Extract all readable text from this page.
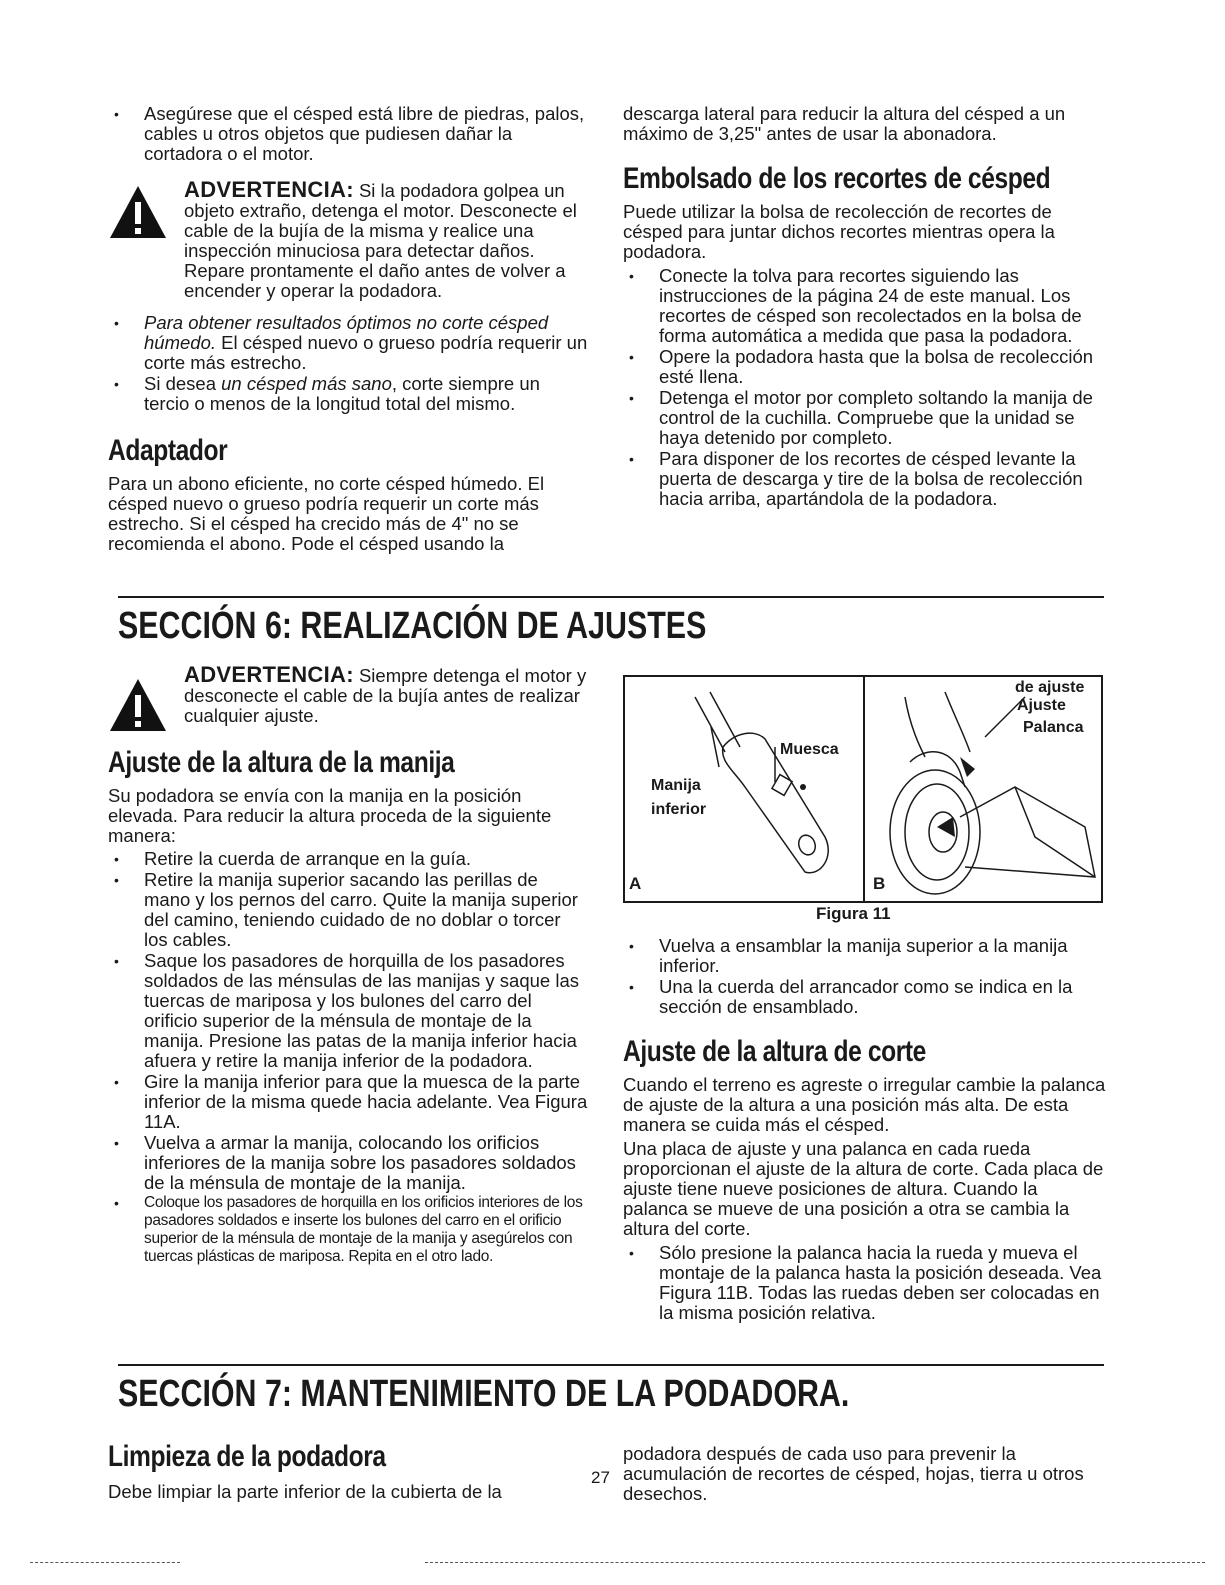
• Asegúrese que el césped está libre de piedras, palos, cables u otros objetos que pudiesen dañar la cortadora o el motor.

ADVERTENCIA: Si la podadora golpea un objeto extraño, detenga el motor. Desconecte el cable de la bujía de la misma y realice una inspección minuciosa para detectar daños. Repare prontamente el daño antes de volver a encender y operar la podadora.

• Para obtener resultados óptimos no corte césped húmedo. El césped nuevo o grueso podría requerir un corte más estrecho.
• Si desea un césped más sano, corte siempre un tercio o menos de la longitud total del mismo.
Adaptador

Para un abono eficiente, no corte césped húmedo. El césped nuevo o grueso podría requerir un corte más estrecho. Si el césped ha crecido más de 4" no se recomienda el abono. Pode el césped usando la

descarga lateral para reducir la altura del césped a un máximo de 3,25" antes de usar la abonadora.

Embolsado de los recortes de césped

Puede utilizar la bolsa de recolección de recortes de césped para juntar dichos recortes mientras opera la podadora.

• Conecte la tolva para recortes siguiendo las instrucciones de la página 24 de este manual. Los recortes de césped son recolectados en la bolsa de forma automática a medida que pasa la podadora.
• Opere la podadora hasta que la bolsa de recolección esté llena.
• Detenga el motor por completo soltando la manija de control de la cuchilla. Compruebe que la unidad se haya detenido por completo.
• Para disponer de los recortes de césped levante la puerta de descarga y tire de la bolsa de recolección hacia arriba, apartándola de la podadora.
SECCIÓN 6: REALIZACIÓN DE AJUSTES

ADVERTENCIA: Siempre detenga el motor y desconecte el cable de la bujía antes de realizar cualquier ajuste.

Ajuste de la altura de la manija

Su podadora se envía con la manija en la posición elevada. Para reducir la altura proceda de la siguiente manera:

• Retire la cuerda de arranque en la guía.
• Retire la manija superior sacando las perillas de mano y los pernos del carro. Quite la manija superior del camino, teniendo cuidado de no doblar o torcer los cables.
• Saque los pasadores de horquilla de los pasadores soldados de las ménsulas de las manijas y saque las tuercas de mariposa y los bulones del carro del orificio superior de la ménsula de montaje de la manija. Presione las patas de la manija inferior hacia afuera y retire la manija inferior de la podadora.
• Gire la manija inferior para que la muesca de la parte inferior de la misma quede hacia adelante. Vea Figura 11A.
• Vuelva a armar la manija, colocando los orificios inferiores de la manija sobre los pasadores soldados de la ménsula de montaje de la manija.
• Coloque los pasadores de horquilla en los orificios interiores de los pasadores soldados e inserte los bulones del carro en el orificio superior de la ménsula de montaje de la manija y asegúrelos con tuercas plásticas de mariposa. Repita en el otro lado.
Muesca
Manija
inferior
A
de ajuste
Ajuste
Palanca
B
Figura 11
• Vuelva a ensamblar la manija superior a la manija inferior.
• Una la cuerda del arrancador como se indica en la sección de ensamblado.
Ajuste de la altura de corte

Cuando el terreno es agreste o irregular cambie la palanca de ajuste de la altura a una posición más alta. De esta manera se cuida más el césped.

Una placa de ajuste y una palanca en cada rueda proporcionan el ajuste de la altura de corte. Cada placa de ajuste tiene nueve posiciones de altura. Cuando la palanca se mueve de una posición a otra se cambia la altura del corte.

• Sólo presione la palanca hacia la rueda y mueva el montaje de la palanca hasta la posición deseada. Vea Figura 11B. Todas las ruedas deben ser colocadas en la misma posición relativa.
SECCIÓN 7: MANTENIMIENTO DE LA PODADORA.
Limpieza de la podadora

Debe limpiar la parte inferior de la cubierta de la

podadora después de cada uso para prevenir la acumulación de recortes de césped, hojas, tierra u otros desechos.

27
